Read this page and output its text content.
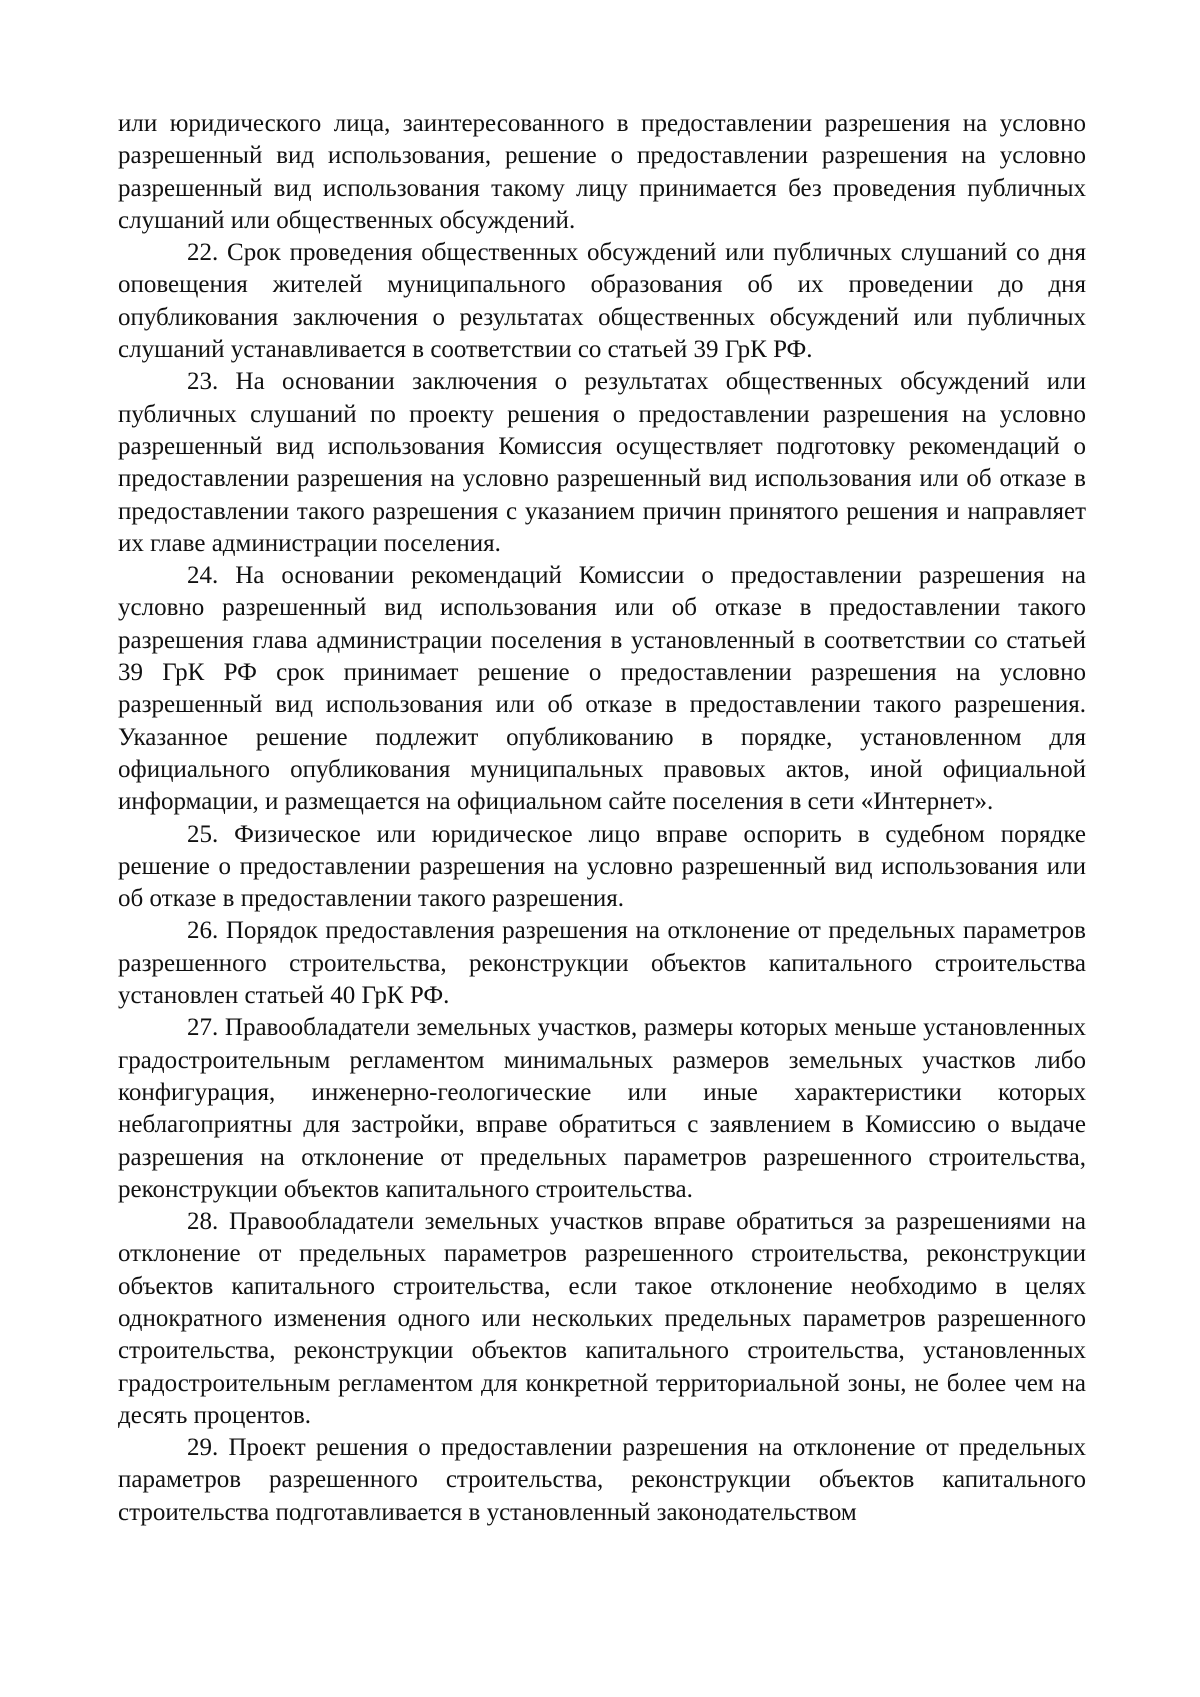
или юридического лица, заинтересованного в предоставлении разрешения на условно разрешенный вид использования, решение о предоставлении разрешения на условно разрешенный вид использования такому лицу принимается без проведения публичных слушаний или общественных обсуждений.

22. Срок проведения общественных обсуждений или публичных слушаний со дня оповещения жителей муниципального образования об их проведении до дня опубликования заключения о результатах общественных обсуждений или публичных слушаний устанавливается в соответствии со статьей 39 ГрК РФ.

23. На основании заключения о результатах общественных обсуждений или публичных слушаний по проекту решения о предоставлении разрешения на условно разрешенный вид использования Комиссия осуществляет подготовку рекомендаций о предоставлении разрешения на условно разрешенный вид использования или об отказе в предоставлении такого разрешения с указанием причин принятого решения и направляет их главе администрации поселения.

24. На основании рекомендаций Комиссии о предоставлении разрешения на условно разрешенный вид использования или об отказе в предоставлении такого разрешения глава администрации поселения в установленный в соответствии со статьей 39 ГрК РФ срок принимает решение о предоставлении разрешения на условно разрешенный вид использования или об отказе в предоставлении такого разрешения. Указанное решение подлежит опубликованию в порядке, установленном для официального опубликования муниципальных правовых актов, иной официальной информации, и размещается на официальном сайте поселения в сети «Интернет».

25. Физическое или юридическое лицо вправе оспорить в судебном порядке решение о предоставлении разрешения на условно разрешенный вид использования или об отказе в предоставлении такого разрешения.

26. Порядок предоставления разрешения на отклонение от предельных параметров разрешенного строительства, реконструкции объектов капитального строительства установлен статьей 40 ГрК РФ.

27. Правообладатели земельных участков, размеры которых меньше установленных градостроительным регламентом минимальных размеров земельных участков либо конфигурация, инженерно-геологические или иные характеристики которых неблагоприятны для застройки, вправе обратиться с заявлением в Комиссию о выдаче разрешения на отклонение от предельных параметров разрешенного строительства, реконструкции объектов капитального строительства.

28. Правообладатели земельных участков вправе обратиться за разрешениями на отклонение от предельных параметров разрешенного строительства, реконструкции объектов капитального строительства, если такое отклонение необходимо в целях однократного изменения одного или нескольких предельных параметров разрешенного строительства, реконструкции объектов капитального строительства, установленных градостроительным регламентом для конкретной территориальной зоны, не более чем на десять процентов.

29. Проект решения о предоставлении разрешения на отклонение от предельных параметров разрешенного строительства, реконструкции объектов капитального строительства подготавливается в установленный законодательством
